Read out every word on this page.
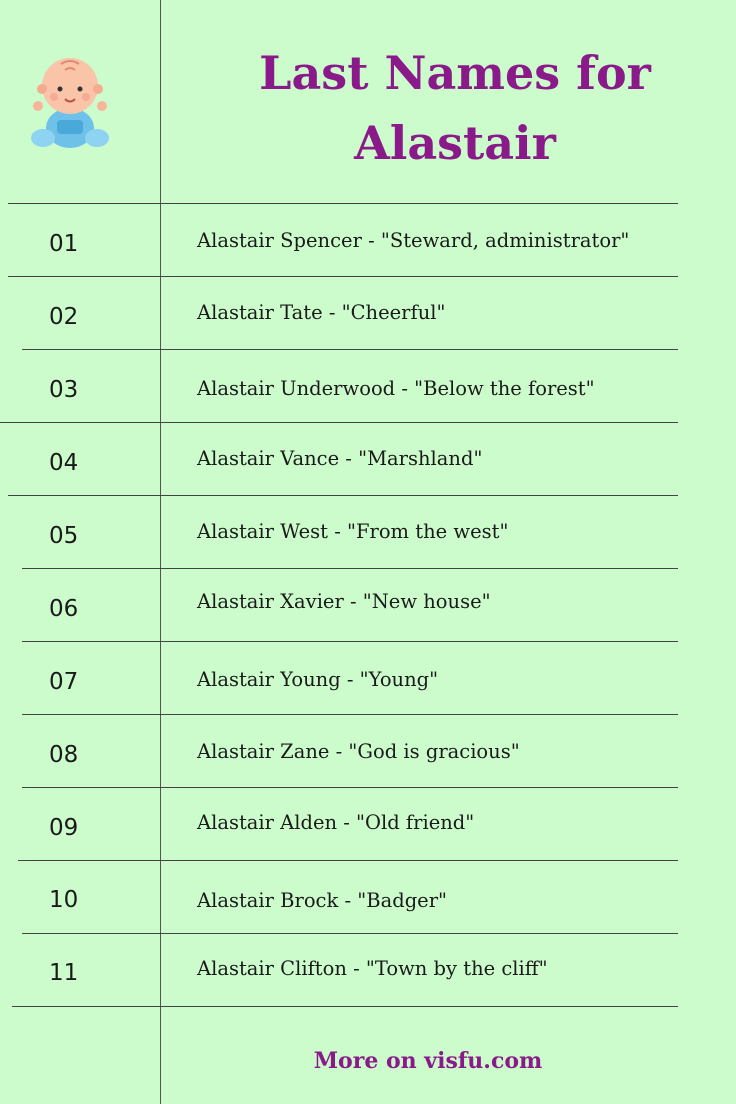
Last Names for Alastair
01	Alastair Spencer - "Steward, administrator"
02	Alastair Tate - "Cheerful"
03	Alastair Underwood - "Below the forest"
04	Alastair Vance - "Marshland"
05	Alastair West - "From the west"
06	Alastair Xavier - "New house"
07	Alastair Young - "Young"
08	Alastair Zane - "God is gracious"
09	Alastair Alden - "Old friend"
10	Alastair Brock - "Badger"
11	Alastair Clifton - "Town by the cliff"
More on visfu.com
